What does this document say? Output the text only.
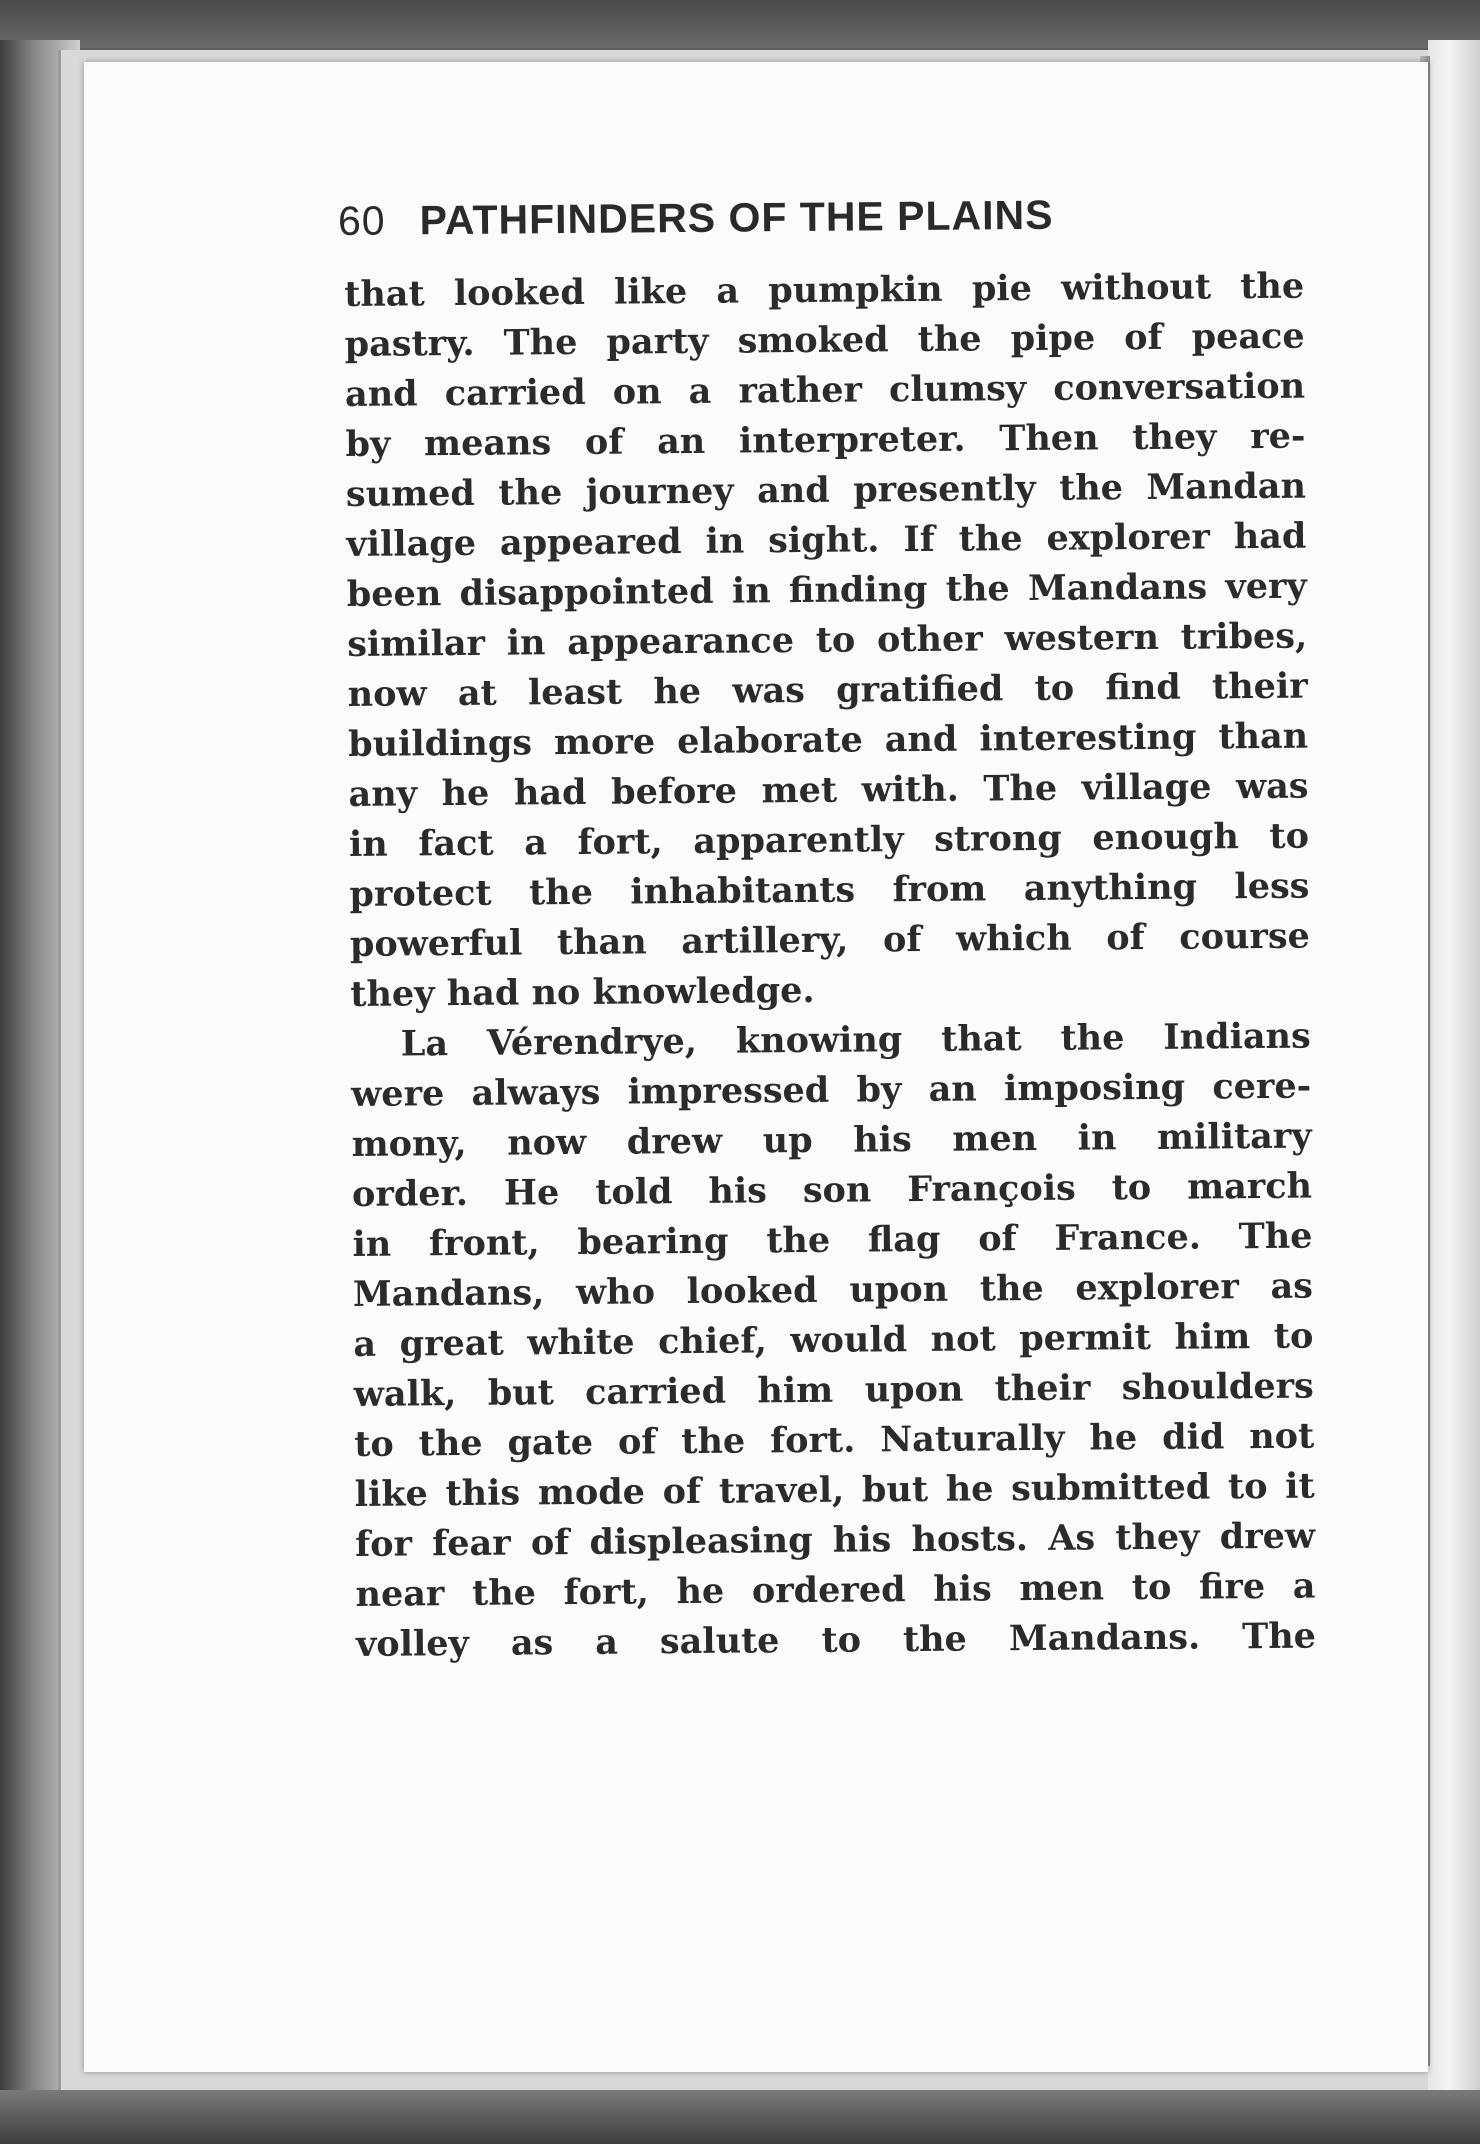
60 PATHFINDERS OF THE PLAINS
that looked like a pumpkin pie without the
pastry. The party smoked the pipe of peace
and carried on a rather clumsy conversation
by means of an interpreter. Then they re-
sumed the journey and presently the Mandan
village appeared in sight. If the explorer had
been disappointed in finding the Mandans very
similar in appearance to other western tribes,
now at least he was gratified to find their
buildings more elaborate and interesting than
any he had before met with. The village was
in fact a fort, apparently strong enough to
protect the inhabitants from anything less
powerful than artillery, of which of course
they had no knowledge.
La Vérendrye, knowing that the Indians
were always impressed by an imposing cere-
mony, now drew up his men in military
order. He told his son François to march
in front, bearing the flag of France. The
Mandans, who looked upon the explorer as
a great white chief, would not permit him to
walk, but carried him upon their shoulders
to the gate of the fort. Naturally he did not
like this mode of travel, but he submitted to it
for fear of displeasing his hosts. As they drew
near the fort, he ordered his men to fire a
volley as a salute to the Mandans. The
